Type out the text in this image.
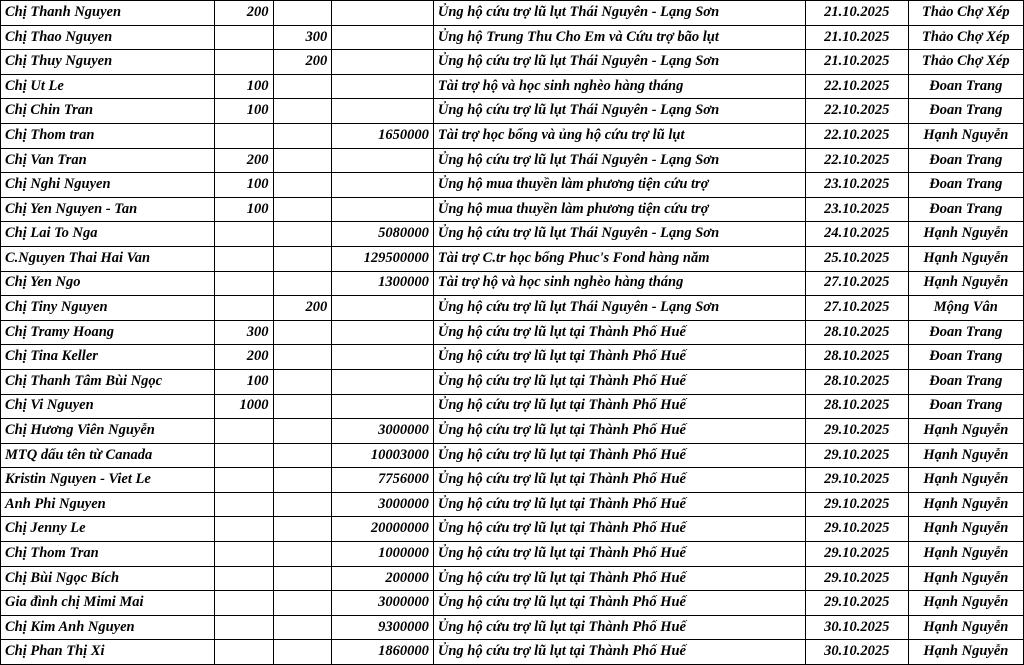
Chị Thanh Nguyen	200			Ủng hộ cứu trợ lũ lụt Thái Nguyên - Lạng Sơn	21.10.2025	Thảo Chợ Xép
Chị Thao Nguyen		300		Ủng hộ Trung Thu Cho Em và Cứu trợ bão lụt	21.10.2025	Thảo Chợ Xép
Chị Thuy Nguyen		200		Ủng hộ cứu trợ lũ lụt Thái Nguyên - Lạng Sơn	21.10.2025	Thảo Chợ Xép
Chị Ut Le	100			Tài trợ hộ và học sinh nghèo hàng tháng	22.10.2025	Đoan Trang
Chị Chin Tran	100			Ủng hộ cứu trợ lũ lụt Thái Nguyên - Lạng Sơn	22.10.2025	Đoan Trang
Chị Thom tran			1650000	Tài trợ học bổng và ủng hộ cứu trợ lũ lụt	22.10.2025	Hạnh Nguyễn
Chị Van Tran	200			Ủng hộ cứu trợ lũ lụt Thái Nguyên - Lạng Sơn	22.10.2025	Đoan Trang
Chị Nghi Nguyen	100			Ủng hộ mua thuyền làm phương tiện cứu trợ	23.10.2025	Đoan Trang
Chị Yen Nguyen - Tan	100			Ủng hộ mua thuyền làm phương tiện cứu trợ	23.10.2025	Đoan Trang
Chị Lai To Nga			5080000	Ủng hộ cứu trợ lũ lụt Thái Nguyên - Lạng Sơn	24.10.2025	Hạnh Nguyễn
C.Nguyen Thai Hai Van			129500000	Tài trợ C.tr học bổng Phuc's Fond hàng năm	25.10.2025	Hạnh Nguyễn
Chị Yen Ngo			1300000	Tài trợ hộ và học sinh nghèo hàng tháng	27.10.2025	Hạnh Nguyễn
Chị Tiny Nguyen		200		Ủng hộ cứu trợ lũ lụt Thái Nguyên - Lạng Sơn	27.10.2025	Mộng Vân
Chị Tramy Hoang	300			Ủng hộ cứu trợ lũ lụt tại Thành Phố Huế	28.10.2025	Đoan Trang
Chị Tina Keller	200			Ủng hộ cứu trợ lũ lụt tại Thành Phố Huế	28.10.2025	Đoan Trang
Chị Thanh Tâm Bùi Ngọc	100			Ủng hộ cứu trợ lũ lụt tại Thành Phố Huế	28.10.2025	Đoan Trang
Chị Vi Nguyen	1000			Ủng hộ cứu trợ lũ lụt tại Thành Phố Huế	28.10.2025	Đoan Trang
Chị Hương Viên Nguyễn			3000000	Ủng hộ cứu trợ lũ lụt tại Thành Phố Huế	29.10.2025	Hạnh Nguyễn
MTQ dấu tên từ Canada			10003000	Ủng hộ cứu trợ lũ lụt tại Thành Phố Huế	29.10.2025	Hạnh Nguyễn
Kristin Nguyen - Viet Le			7756000	Ủng hộ cứu trợ lũ lụt tại Thành Phố Huế	29.10.2025	Hạnh Nguyễn
Anh Phi Nguyen			3000000	Ủng hộ cứu trợ lũ lụt tại Thành Phố Huế	29.10.2025	Hạnh Nguyễn
Chị Jenny Le			20000000	Ủng hộ cứu trợ lũ lụt tại Thành Phố Huế	29.10.2025	Hạnh Nguyễn
Chị Thom Tran			1000000	Ủng hộ cứu trợ lũ lụt tại Thành Phố Huế	29.10.2025	Hạnh Nguyễn
Chị Bùi Ngọc Bích			200000	Ủng hộ cứu trợ lũ lụt tại Thành Phố Huế	29.10.2025	Hạnh Nguyễn
Gia đình chị Mimi Mai			3000000	Ủng hộ cứu trợ lũ lụt tại Thành Phố Huế	29.10.2025	Hạnh Nguyễn
Chị Kim Anh Nguyen			9300000	Ủng hộ cứu trợ lũ lụt tại Thành Phố Huế	30.10.2025	Hạnh Nguyễn
Chị Phan Thị Xi			1860000	Ủng hộ cứu trợ lũ lụt tại Thành Phố Huế	30.10.2025	Hạnh Nguyễn
